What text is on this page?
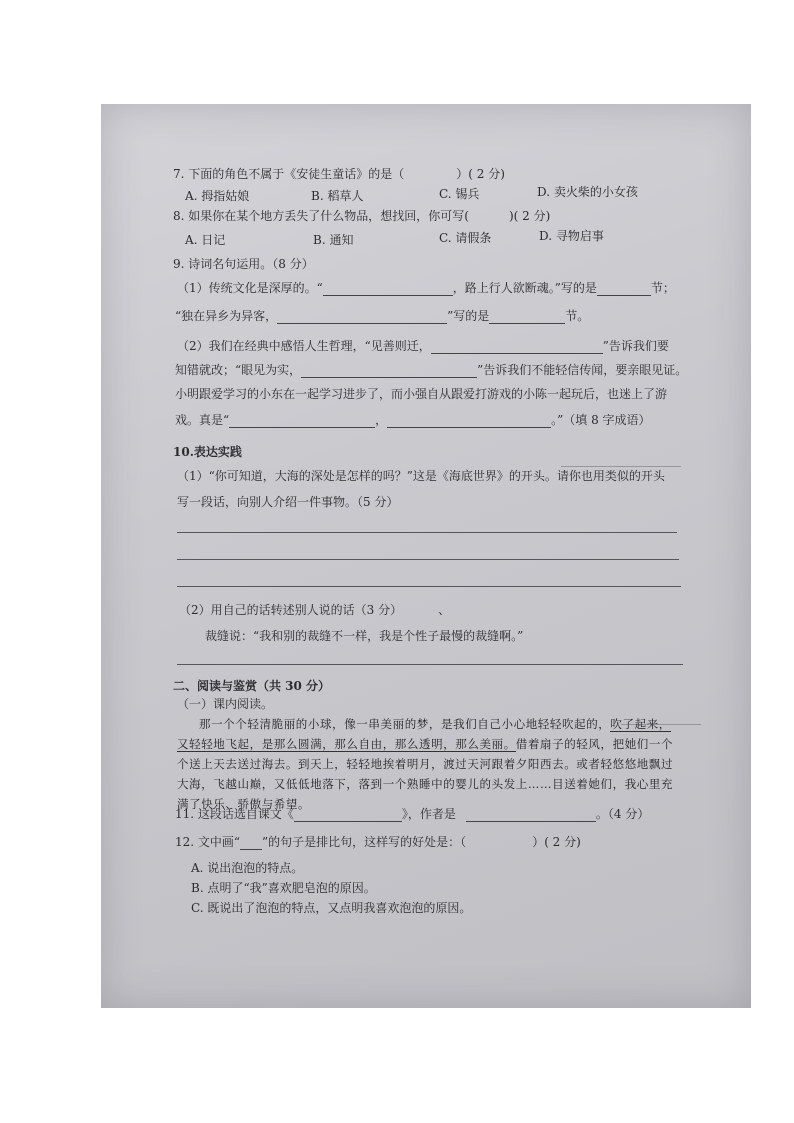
7. 下面的角色不属于《安徒生童话》的是（	）( 2 分)
A. 拇指姑娘	B. 稻草人	C. 锡兵	D. 卖火柴的小女孩
8. 如果你在某个地方丢失了什么物品，想找回，你可写(	)( 2 分)
A. 日记	B. 通知	C. 请假条	D. 寻物启事
9. 诗词名句运用。（8 分）
（1）传统文化是深厚的。“	，路上行人欲断魂。”写的是	节；
“独在异乡为异客，	”写的是	节。
（2）我们在经典中感悟人生哲理，“见善则迁，	”告诉我们要
知错就改；“眼见为实，	”告诉我们不能轻信传闻，要亲眼见证。
小明跟爱学习的小东在一起学习进步了，而小强自从跟爱打游戏的小陈一起玩后，也迷上了游
戏。真是“	，	。”（填 8 字成语）
10.表达实践
（1）“你可知道，大海的深处是怎样的吗？”这是《海底世界》的开头。请你也用类似的开头
写一段话，向别人介绍一件事物。（5 分）
（2）用自己的话转述别人说的话（3 分）	、
裁缝说：“我和别的裁缝不一样，我是个性子最慢的裁缝啊。”
二、阅读与鉴赏（共 30 分）
（一）课内阅读。
那一个个轻清脆丽的小球，像一串美丽的梦，是我们自己小心地轻轻吹起的，吹了起来，
又轻轻地飞起，是那么圆满，那么自由，那么透明，那么美丽。借着扇子的轻风，把她们一个
个送上天去送过海去。到天上，轻轻地挨着明月，渡过天河跟着夕阳西去。或者轻悠悠地飘过
大海，飞越山巅，又低低地落下，落到一个熟睡中的婴儿的头发上……目送着她们，我心里充
满了快乐、骄傲与希望。
11. 这段话选自课文《	》，作者是	。（4 分）
12. 文中画“ ”的句子是排比句，这样写的好处是：（	）( 2 分)
A. 说出泡泡的特点。
B. 点明了“我”喜欢肥皂泡的原因。
C. 既说出了泡泡的特点，又点明我喜欢泡泡的原因。
